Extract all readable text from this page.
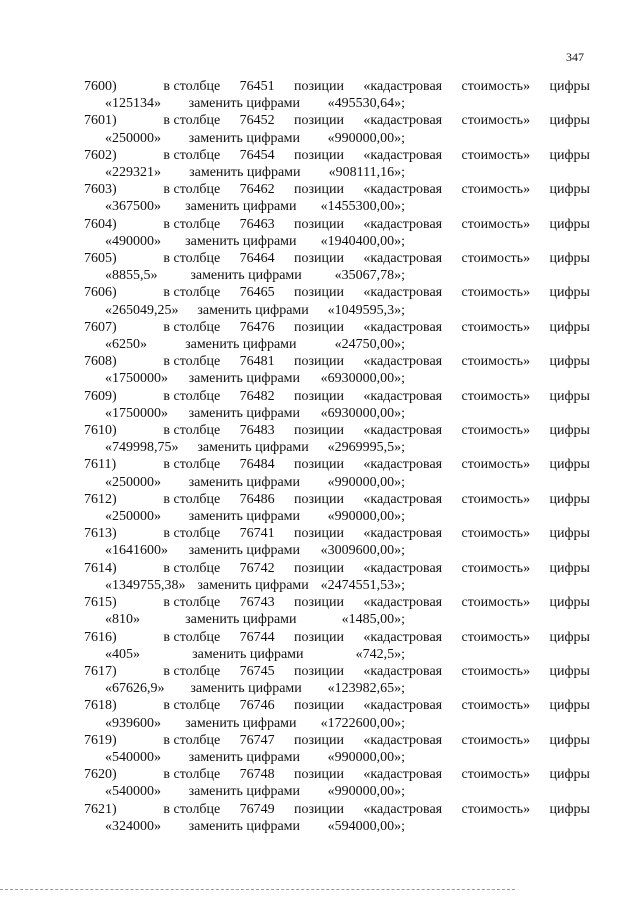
347
7600)	в столбце 76451 позиции «кадастровая стоимость» цифры
«125134» заменить цифрами «495530,64»;
7601)	в столбце 76452 позиции «кадастровая стоимость» цифры
«250000» заменить цифрами «990000,00»;
7602)	в столбце 76454 позиции «кадастровая стоимость» цифры
«229321» заменить цифрами «908111,16»;
7603)	в столбце 76462 позиции «кадастровая стоимость» цифры
«367500» заменить цифрами «1455300,00»;
7604)	в столбце 76463 позиции «кадастровая стоимость» цифры
«490000» заменить цифрами «1940400,00»;
7605)	в столбце 76464 позиции «кадастровая стоимость» цифры
«8855,5» заменить цифрами «35067,78»;
7606)	в столбце 76465 позиции «кадастровая стоимость» цифры
«265049,25» заменить цифрами «1049595,3»;
7607)	в столбце 76476 позиции «кадастровая стоимость» цифры
«6250»	заменить цифрами	«24750,00»;
7608)	в столбце 76481 позиции «кадастровая стоимость» цифры
«1750000» заменить цифрами «6930000,00»;
7609)	в столбце 76482 позиции «кадастровая стоимость» цифры
«1750000» заменить цифрами «6930000,00»;
7610)	в столбце 76483 позиции «кадастровая стоимость» цифры
«749998,75» заменить цифрами «2969995,5»;
7611)	в столбце 76484 позиции «кадастровая стоимость» цифры
«250000» заменить цифрами «990000,00»;
7612)	в столбце 76486 позиции «кадастровая стоимость» цифры
«250000» заменить цифрами «990000,00»;
7613)	в столбце 76741 позиции «кадастровая стоимость» цифры
«1641600» заменить цифрами «3009600,00»;
7614)	в столбце 76742 позиции «кадастровая стоимость» цифры
«1349755,38» заменить цифрами «2474551,53»;
7615)	в столбце 76743 позиции «кадастровая стоимость» цифры
«810»	заменить цифрами	«1485,00»;
7616)	в столбце 76744 позиции «кадастровая стоимость» цифры
«405»	заменить цифрами	«742,5»;
7617)	в столбце 76745 позиции «кадастровая стоимость» цифры
«67626,9» заменить цифрами «123982,65»;
7618)	в столбце 76746 позиции «кадастровая стоимость» цифры
«939600» заменить цифрами «1722600,00»;
7619)	в столбце 76747 позиции «кадастровая стоимость» цифры
«540000» заменить цифрами «990000,00»;
7620)	в столбце 76748 позиции «кадастровая стоимость» цифры
«540000» заменить цифрами «990000,00»;
7621)	в столбце 76749 позиции «кадастровая стоимость» цифры
«324000» заменить цифрами «594000,00»;
